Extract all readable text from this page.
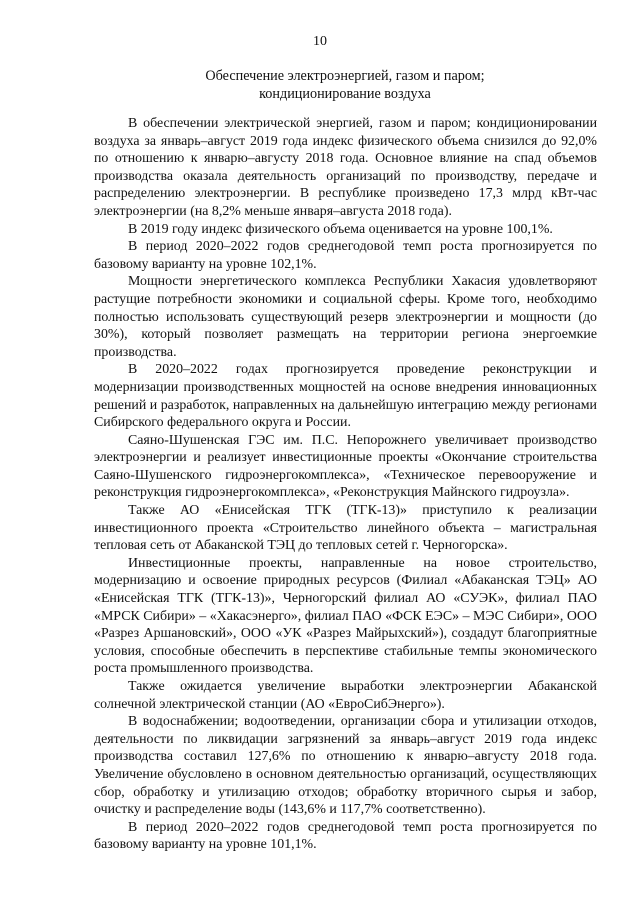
10
Обеспечение электроэнергией, газом и паром;
кондиционирование воздуха

В обеспечении электрической энергией, газом и паром; кондиционировании воздуха за январь–август 2019 года индекс физического объема снизился до 92,0% по отношению к январю–августу 2018 года. Основное влияние на спад объемов производства оказала деятельность организаций по производству, передаче и распределению электроэнергии. В республике произведено 17,3 млрд кВт-час электроэнергии (на 8,2% меньше января–августа 2018 года).

В 2019 году индекс физического объема оценивается на уровне 100,1%.

В период 2020–2022 годов среднегодовой темп роста прогнозируется по базовому варианту на уровне 102,1%.

Мощности энергетического комплекса Республики Хакасия удовлетворяют растущие потребности экономики и социальной сферы. Кроме того, необходимо полностью использовать существующий резерв электроэнергии и мощности (до 30%), который позволяет размещать на территории региона энергоемкие производства.

В 2020–2022 годах прогнозируется проведение реконструкции и модернизации производственных мощностей на основе внедрения инновационных решений и разработок, направленных на дальнейшую интеграцию между регионами Сибирского федерального округа и России.

Саяно-Шушенская ГЭС им. П.С. Непорожнего увеличивает производство электроэнергии и реализует инвестиционные проекты «Окончание строительства Саяно-Шушенского гидроэнергокомплекса», «Техническое перевооружение и реконструкция гидроэнергокомплекса», «Реконструкция Майнского гидроузла».

Также АО «Енисейская ТГК (ТГК-13)» приступило к реализации инвестиционного проекта «Строительство линейного объекта – магистральная тепловая сеть от Абаканской ТЭЦ до тепловых сетей г. Черногорска».

Инвестиционные проекты, направленные на новое строительство, модернизацию и освоение природных ресурсов (Филиал «Абаканская ТЭЦ» АО «Енисейская ТГК (ТГК-13)», Черногорский филиал АО «СУЭК», филиал ПАО «МРСК Сибири» – «Хакасэнерго», филиал ПАО «ФСК ЕЭС» – МЭС Сибири», ООО «Разрез Аршановский», ООО «УК «Разрез Майрыхский»), создадут благоприятные условия, способные обеспечить в перспективе стабильные темпы экономического роста промышленного производства.

Также ожидается увеличение выработки электроэнергии Абаканской солнечной электрической станции (АО «ЕвроСибЭнерго»).

В водоснабжении; водоотведении, организации сбора и утилизации отходов, деятельности по ликвидации загрязнений за январь–август 2019 года индекс производства составил 127,6% по отношению к январю–августу 2018 года. Увеличение обусловлено в основном деятельностью организаций, осуществляющих сбор, обработку и утилизацию отходов; обработку вторичного сырья и забор, очистку и распределение воды (143,6% и 117,7% соответственно).

В период 2020–2022 годов среднегодовой темп роста прогнозируется по базовому варианту на уровне 101,1%.
